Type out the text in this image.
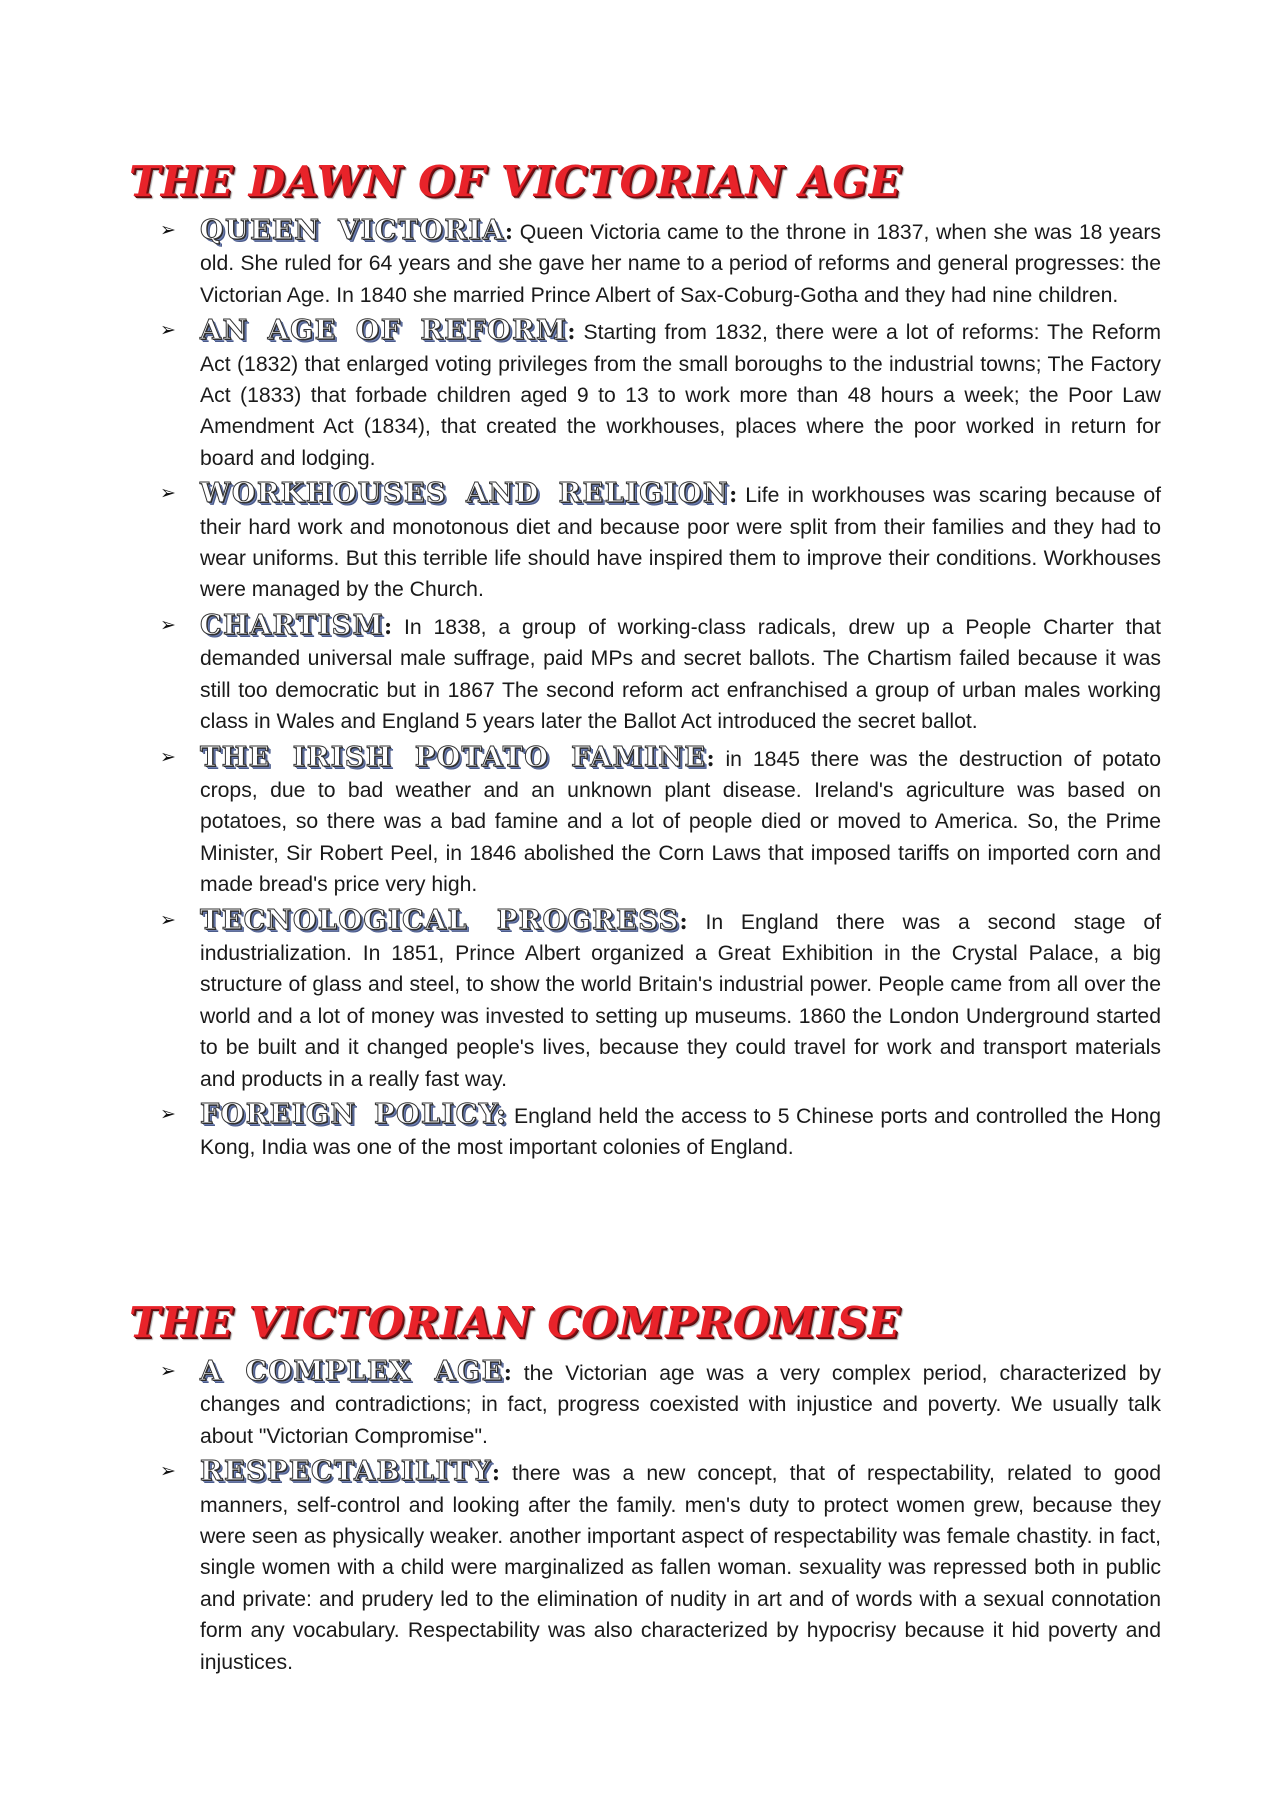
THE DAWN OF VICTORIAN AGE
➢ QUEEN VICTORIA: Queen Victoria came to the throne in 1837, when she was 18 years old. She ruled for 64 years and she gave her name to a period of reforms and general progresses: the Victorian Age. In 1840 she married Prince Albert of Sax-Coburg-Gotha and they had nine children.
➢ AN AGE OF REFORM: Starting from 1832, there were a lot of reforms: The Reform Act (1832) that enlarged voting privileges from the small boroughs to the industrial towns; The Factory Act (1833) that forbade children aged 9 to 13 to work more than 48 hours a week; the Poor Law Amendment Act (1834), that created the workhouses, places where the poor worked in return for board and lodging.
➢ WORKHOUSES AND RELIGION: Life in workhouses was scaring because of their hard work and monotonous diet and because poor were split from their families and they had to wear uniforms. But this terrible life should have inspired them to improve their conditions. Workhouses were managed by the Church.
➢ CHARTISM: In 1838, a group of working-class radicals, drew up a People Charter that demanded universal male suffrage, paid MPs and secret ballots. The Chartism failed because it was still too democratic but in 1867 The second reform act enfranchised a group of urban males working class in Wales and England 5 years later the Ballot Act introduced the secret ballot.
➢ THE IRISH POTATO FAMINE: in 1845 there was the destruction of potato crops, due to bad weather and an unknown plant disease. Ireland's agriculture was based on potatoes, so there was a bad famine and a lot of people died or moved to America. So, the Prime Minister, Sir Robert Peel, in 1846 abolished the Corn Laws that imposed tariffs on imported corn and made bread's price very high.
➢ TECNOLOGICAL PROGRESS: In England there was a second stage of industrialization. In 1851, Prince Albert organized a Great Exhibition in the Crystal Palace, a big structure of glass and steel, to show the world Britain's industrial power. People came from all over the world and a lot of money was invested to setting up museums. 1860 the London Underground started to be built and it changed people's lives, because they could travel for work and transport materials and products in a really fast way.
➢ FOREIGN POLICY: England held the access to 5 Chinese ports and controlled the Hong Kong, India was one of the most important colonies of England.
THE VICTORIAN COMPROMISE
➢ A COMPLEX AGE: the Victorian age was a very complex period, characterized by changes and contradictions; in fact, progress coexisted with injustice and poverty. We usually talk about "Victorian Compromise".
➢ RESPECTABILITY: there was a new concept, that of respectability, related to good manners, self-control and looking after the family. men's duty to protect women grew, because they were seen as physically weaker. another important aspect of respectability was female chastity. in fact, single women with a child were marginalized as fallen woman. sexuality was repressed both in public and private: and prudery led to the elimination of nudity in art and of words with a sexual connotation form any vocabulary. Respectability was also characterized by hypocrisy because it hid poverty and injustices.
